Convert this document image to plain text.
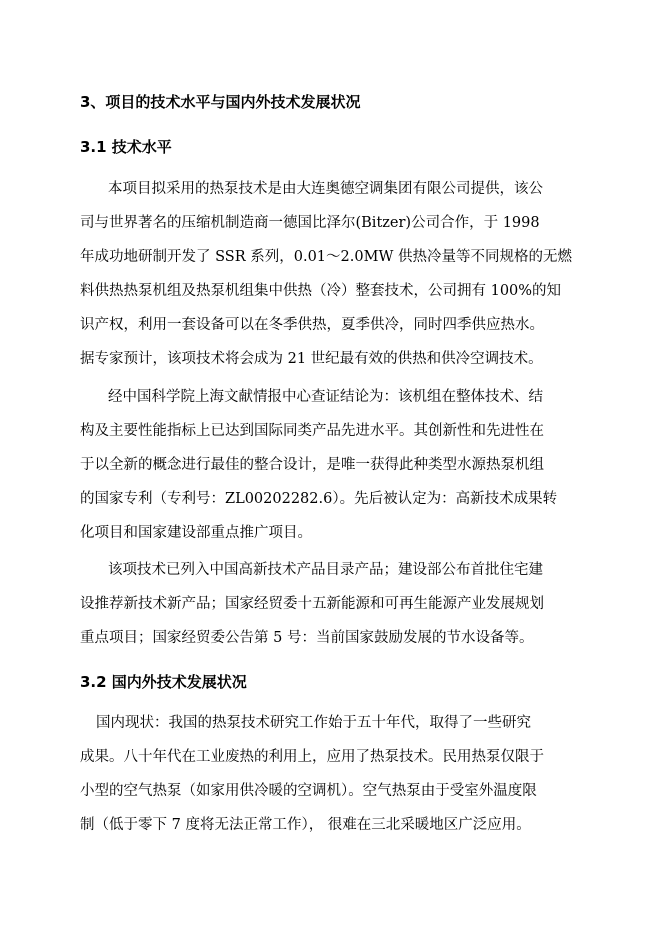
3、项目的技术水平与国内外技术发展状况
3.1 技术水平
本项目拟采用的热泵技术是由大连奥德空调集团有限公司提供，该公
司与世界著名的压缩机制造商一德国比泽尔(Bitzer)公司合作，于 1998
年成功地研制开发了 SSR 系列，0.01～2.0MW 供热冷量等不同规格的无燃
料供热热泵机组及热泵机组集中供热（冷）整套技术，公司拥有 100%的知
识产权，利用一套设备可以在冬季供热，夏季供冷，同时四季供应热水。
据专家预计，该项技术将会成为 21 世纪最有效的供热和供冷空调技术。
经中国科学院上海文献情报中心查证结论为：该机组在整体技术、结
构及主要性能指标上已达到国际同类产品先进水平。其创新性和先进性在
于以全新的概念进行最佳的整合设计，是唯一获得此种类型水源热泵机组
的国家专利（专利号：ZL00202282.6）。先后被认定为：高新技术成果转
化项目和国家建设部重点推广项目。
该项技术已列入中国高新技术产品目录产品；建设部公布首批住宅建
设推荐新技术新产品；国家经贸委十五新能源和可再生能源产业发展规划
重点项目；国家经贸委公告第 5 号：当前国家鼓励发展的节水设备等。
3.2 国内外技术发展状况
国内现状：我国的热泵技术研究工作始于五十年代，取得了一些研究
成果。八十年代在工业废热的利用上，应用了热泵技术。民用热泵仅限于
小型的空气热泵（如家用供冷暖的空调机）。空气热泵由于受室外温度限
制（低于零下 7 度将无法正常工作）， 很难在三北采暖地区广泛应用。
